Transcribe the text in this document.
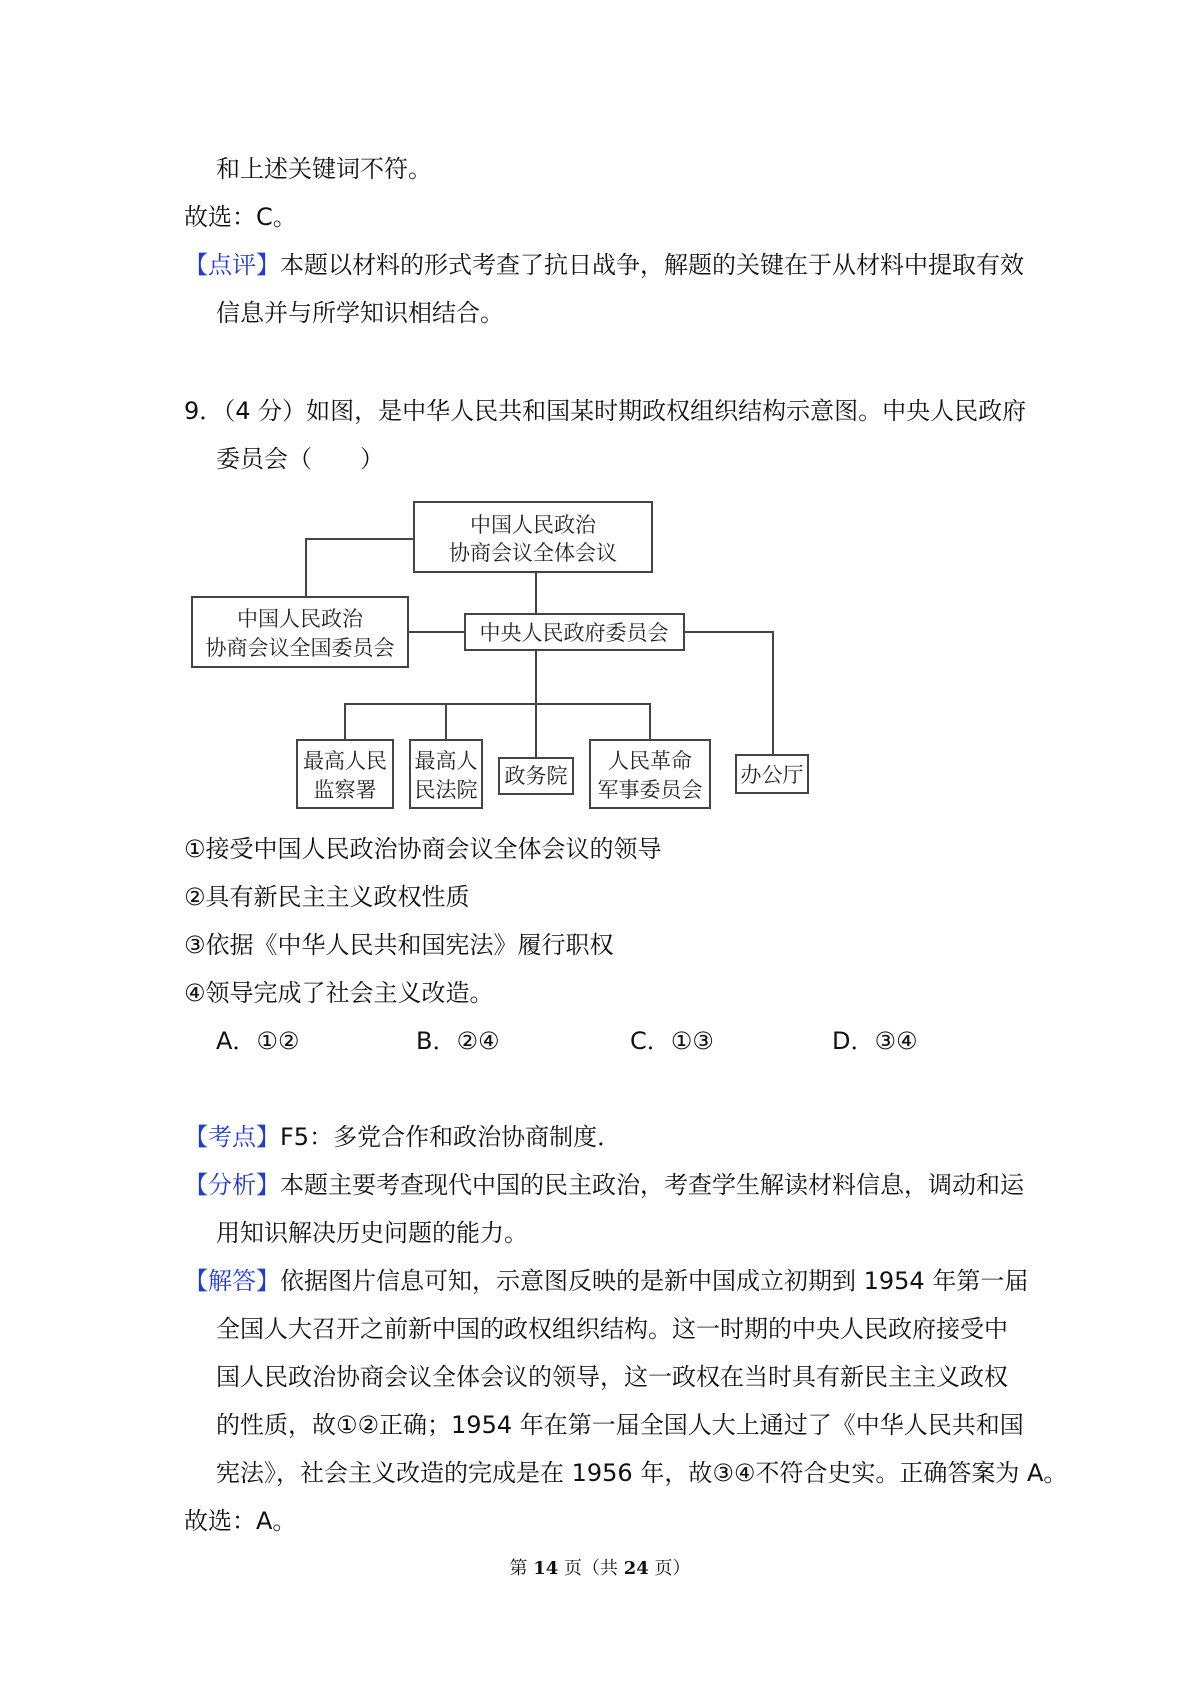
和上述关键词不符。
故选：C。
【点评】本题以材料的形式考查了抗日战争，解题的关键在于从材料中提取有效
信息并与所学知识相结合。
9．（4 分）如图，是中华人民共和国某时期政权组织结构示意图。中央人民政府
委员会（　　）
中国人民政治
协商会议全体会议
中国人民政治
协商会议全国委员会
中央人民政府委员会
最高人民
监察署
最高人
民法院
政务院
人民革命
军事委员会
办公厅
①接受中国人民政治协商会议全体会议的领导
②具有新民主主义政权性质
③依据《中华人民共和国宪法》履行职权
④领导完成了社会主义改造。
A．①②	B．②④	C．①③	D．③④
【考点】F5：多党合作和政治协商制度．
【分析】本题主要考查现代中国的民主政治，考查学生解读材料信息，调动和运
用知识解决历史问题的能力。
【解答】依据图片信息可知，示意图反映的是新中国成立初期到 1954 年第一届
全国人大召开之前新中国的政权组织结构。这一时期的中央人民政府接受中
国人民政治协商会议全体会议的领导，这一政权在当时具有新民主主义政权
的性质，故①②正确；1954 年在第一届全国人大上通过了《中华人民共和国
宪法》，社会主义改造的完成是在 1956 年，故③④不符合史实。正确答案为 A。
故选：A。
第 14 页（共 24 页）
